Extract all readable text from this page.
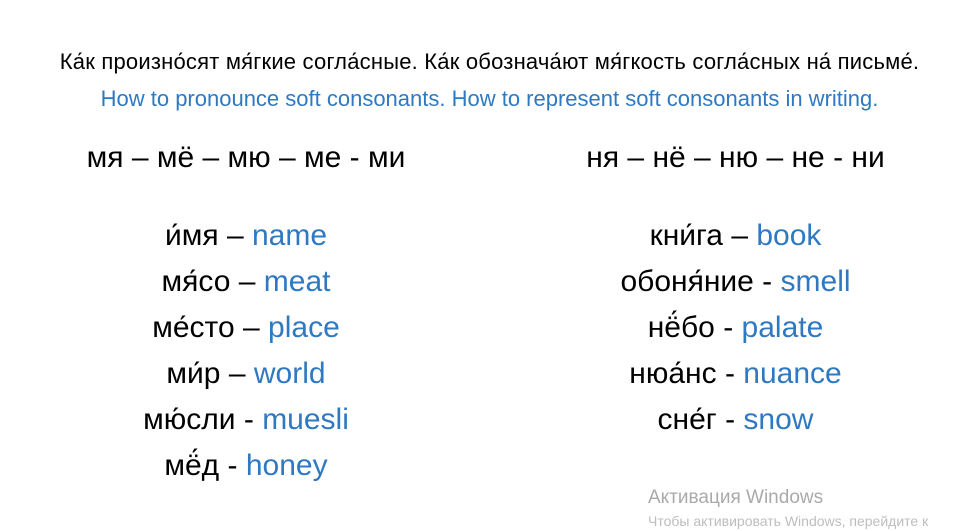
Ка́к произно́сят мя́гкие согла́сные. Ка́к обознача́ют мя́гкость согла́сных на́ письме́.
How to pronounce soft consonants. How to represent soft consonants in writing.
мя – мё – мю – ме - ми
и́мя – name
мя́со – meat
ме́сто – place
ми́р – world
мю́сли - muesli
мё́д - honey
ня – нё – ню – не - ни
кни́га – book
обоня́ние - smell
нё́бо - palate
нюа́нс - nuance
сне́г - snow
Активация Windows
Чтобы активировать Windows, перейдите к
